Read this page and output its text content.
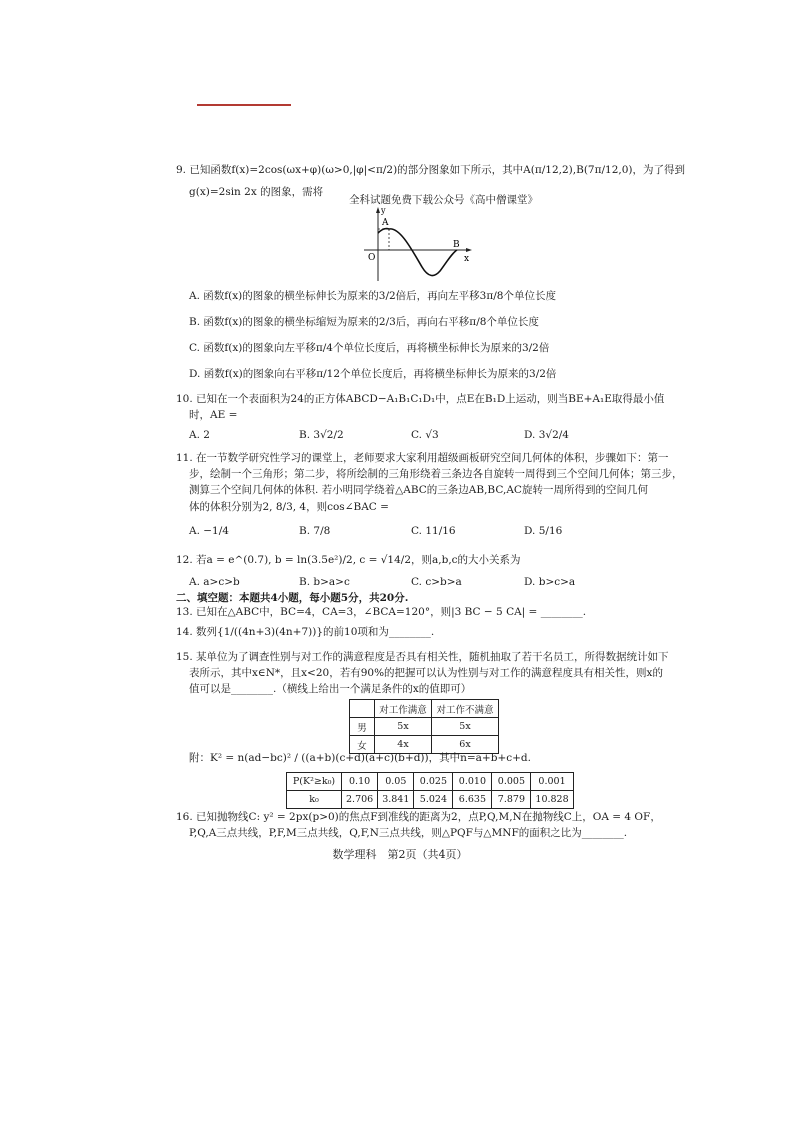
9. 已知函数f(x)=2cos(ωx+φ)(ω>0,|φ|<π/2)的部分图象如下所示，其中A(π/12,2),B(7π/12,0)，为了得到
g(x)=2sin 2x 的图象，需将
全科试题免费下载公众号《高中僧课堂》
A
B
O	x
y
A. 函数f(x)的图象的横坐标伸长为原来的3/2倍后，再向左平移3π/8个单位长度
B. 函数f(x)的图象的横坐标缩短为原来的2/3后，再向右平移π/8个单位长度
C. 函数f(x)的图象向左平移π/4个单位长度后，再将横坐标伸长为原来的3/2倍
D. 函数f(x)的图象向右平移π/12个单位长度后，再将横坐标伸长为原来的3/2倍
10. 已知在一个表面积为24的正方体ABCD−A₁B₁C₁D₁中，点E在B₁D上运动，则当BE+A₁E取得最小值
时，AE =
A. 2	B. 3√2/2	C. √3	D. 3√2/4
11. 在一节数学研究性学习的课堂上，老师要求大家利用超级画板研究空间几何体的体积，步骤如下：第一
步，绘制一个三角形；第二步，将所绘制的三角形绕着三条边各自旋转一周得到三个空间几何体；第三步，
测算三个空间几何体的体积. 若小明同学绕着△ABC的三条边AB,BC,AC旋转一周所得到的空间几何
体的体积分别为2, 8/3, 4，则cos∠BAC =
A. −1/4	B. 7/8	C. 11/16	D. 5/16
12. 若a = e^(0.7), b = ln(3.5e²)/2, c = √14/2，则a,b,c的大小关系为
A. a>c>b	B. b>a>c	C. c>b>a	D. b>c>a
二、填空题：本题共4小题，每小题5分，共20分.
13. 已知在△ABC中，BC=4，CA=3，∠BCA=120°，则|3 BC − 5 CA| = ________.
14. 数列{1/((4n+3)(4n+7))}的前10项和为________.
15. 某单位为了调查性别与对工作的满意程度是否具有相关性，随机抽取了若干名员工，所得数据统计如下
表所示，其中x∈N*，且x<20，若有90%的把握可以认为性别与对工作的满意程度具有相关性，则x的
值可以是________.（横线上给出一个满足条件的x的值即可）
	对工作满意	对工作不满意
男	5x	5x
女	4x	6x
附：K² = n(ad−bc)² / ((a+b)(c+d)(a+c)(b+d))，其中n=a+b+c+d.
P(K²≥k₀)	0.10	0.05	0.025	0.010	0.005	0.001
k₀	2.706	3.841	5.024	6.635	7.879	10.828
16. 已知抛物线C: y² = 2px(p>0)的焦点F到准线的距离为2，点P,Q,M,N在抛物线C上，OA = 4 OF，
P,Q,A三点共线，P,F,M三点共线，Q,F,N三点共线，则△PQF与△MNF的面积之比为________.
数学理科　第2页（共4页）
